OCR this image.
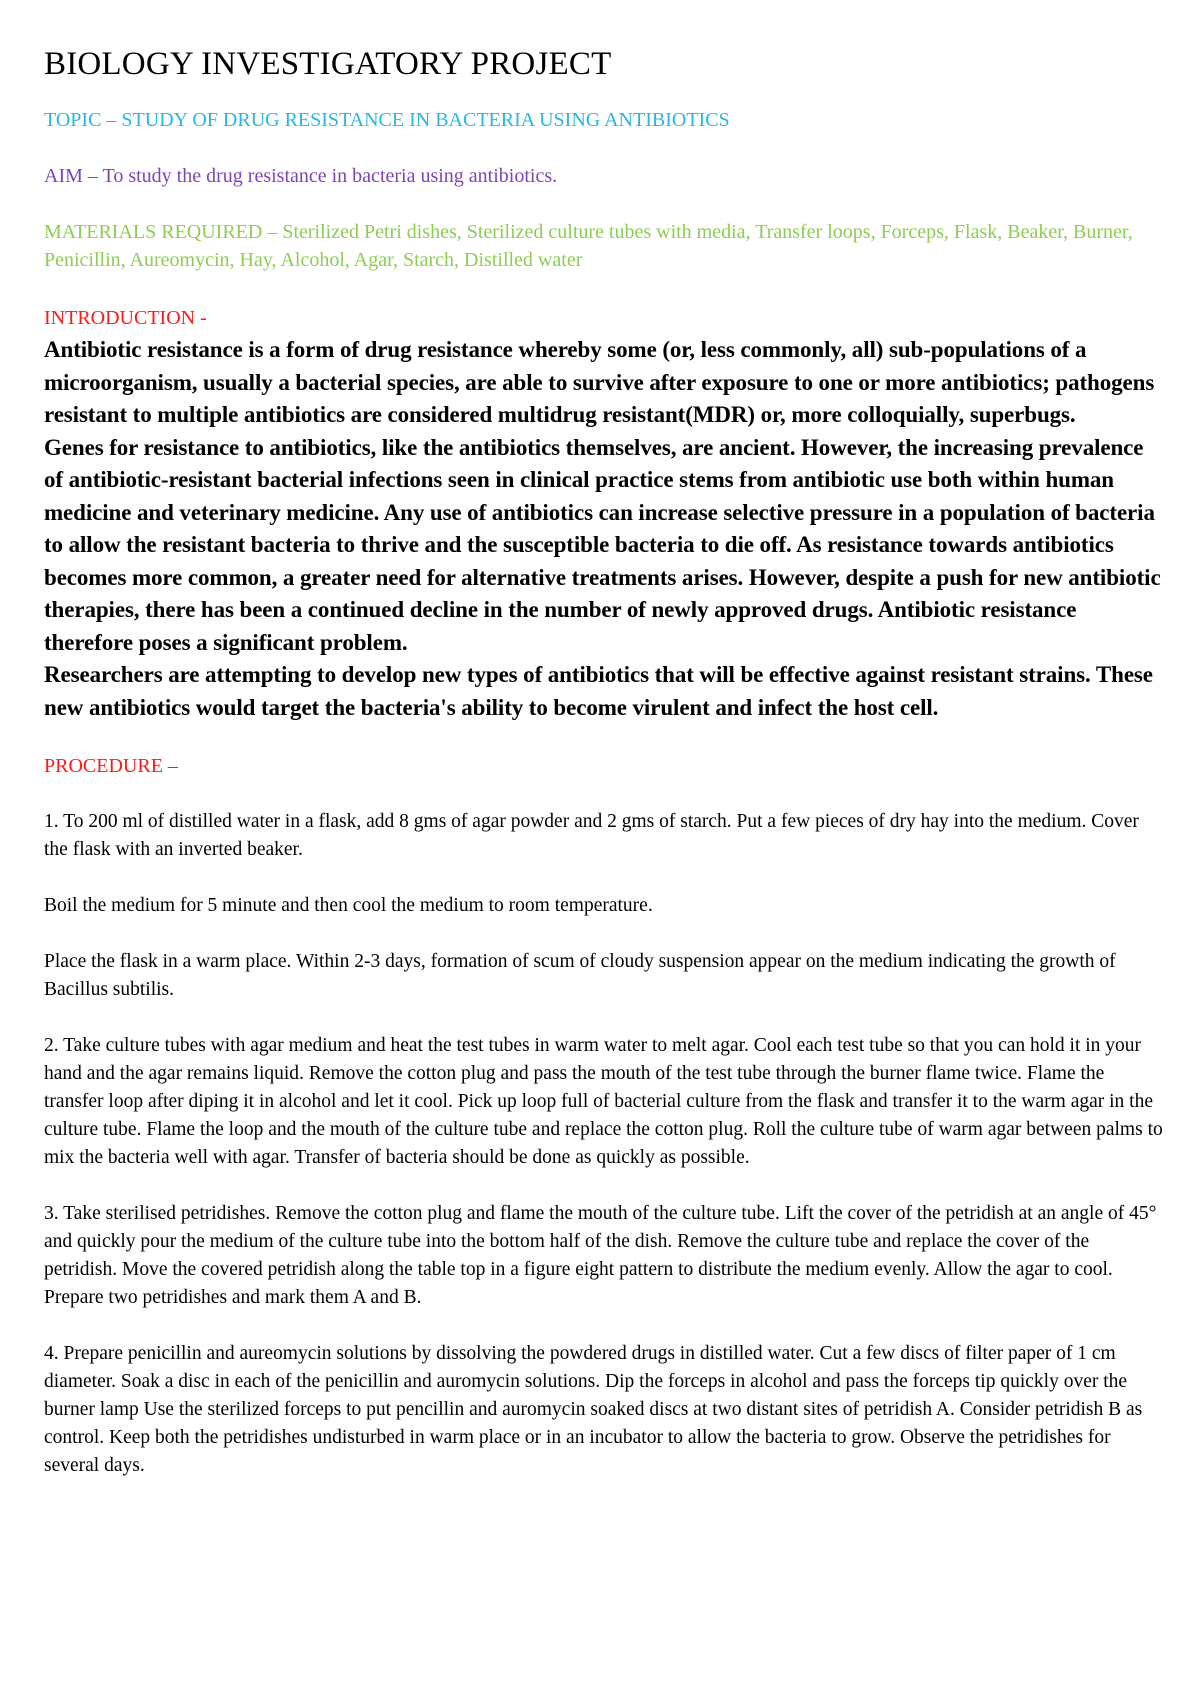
BIOLOGY INVESTIGATORY PROJECT

TOPIC – STUDY OF DRUG RESISTANCE IN BACTERIA USING ANTIBIOTICS

AIM – To study the drug resistance in bacteria using antibiotics.

MATERIALS REQUIRED – Sterilized Petri dishes, Sterilized culture tubes with media, Transfer loops, Forceps, Flask, Beaker, Burner, Penicillin, Aureomycin, Hay, Alcohol, Agar, Starch, Distilled water

INTRODUCTION -

Antibiotic resistance is a form of drug resistance whereby some (or, less commonly, all) sub-populations of a microorganism, usually a bacterial species, are able to survive after exposure to one or more antibiotics; pathogens resistant to multiple antibiotics are considered multidrug resistant(MDR) or, more colloquially, superbugs.

Genes for resistance to antibiotics, like the antibiotics themselves, are ancient. However, the increasing prevalence of antibiotic-resistant bacterial infections seen in clinical practice stems from antibiotic use both within human medicine and veterinary medicine. Any use of antibiotics can increase selective pressure in a population of bacteria to allow the resistant bacteria to thrive and the susceptible bacteria to die off. As resistance towards antibiotics becomes more common, a greater need for alternative treatments arises. However, despite a push for new antibiotic therapies, there has been a continued decline in the number of newly approved drugs. Antibiotic resistance therefore poses a significant problem.

Researchers are attempting to develop new types of antibiotics that will be effective against resistant strains. These new antibiotics would target the bacteria's ability to become virulent and infect the host cell.

PROCEDURE –

1. To 200 ml of distilled water in a flask, add 8 gms of agar powder and 2 gms of starch. Put a few pieces of dry hay into the medium. Cover the flask with an inverted beaker.

Boil the medium for 5 minute and then cool the medium to room temperature.

Place the flask in a warm place. Within 2-3 days, formation of scum of cloudy suspension appear on the medium indicating the growth of Bacillus subtilis.

2. Take culture tubes with agar medium and heat the test tubes in warm water to melt agar. Cool each test tube so that you can hold it in your hand and the agar remains liquid. Remove the cotton plug and pass the mouth of the test tube through the burner flame twice. Flame the transfer loop after diping it in alcohol and let it cool. Pick up loop full of bacterial culture from the flask and transfer it to the warm agar in the culture tube. Flame the loop and the mouth of the culture tube and replace the cotton plug. Roll the culture tube of warm agar between palms to mix the bacteria well with agar. Transfer of bacteria should be done as quickly as possible.

3. Take sterilised petridishes. Remove the cotton plug and flame the mouth of the culture tube. Lift the cover of the petridish at an angle of 45° and quickly pour the medium of the culture tube into the bottom half of the dish. Remove the culture tube and replace the cover of the petridish. Move the covered petridish along the table top in a figure eight pattern to distribute the medium evenly. Allow the agar to cool. Prepare two petridishes and mark them A and B.

4. Prepare penicillin and aureomycin solutions by dissolving the powdered drugs in distilled water. Cut a few discs of filter paper of 1 cm diameter. Soak a disc in each of the penicillin and auromycin solutions. Dip the forceps in alcohol and pass the forceps tip quickly over the burner lamp Use the sterilized forceps to put pencillin and auromycin soaked discs at two distant sites of petridish A. Consider petridish B as control. Keep both the petridishes undisturbed in warm place or in an incubator to allow the bacteria to grow. Observe the petridishes for several days.
